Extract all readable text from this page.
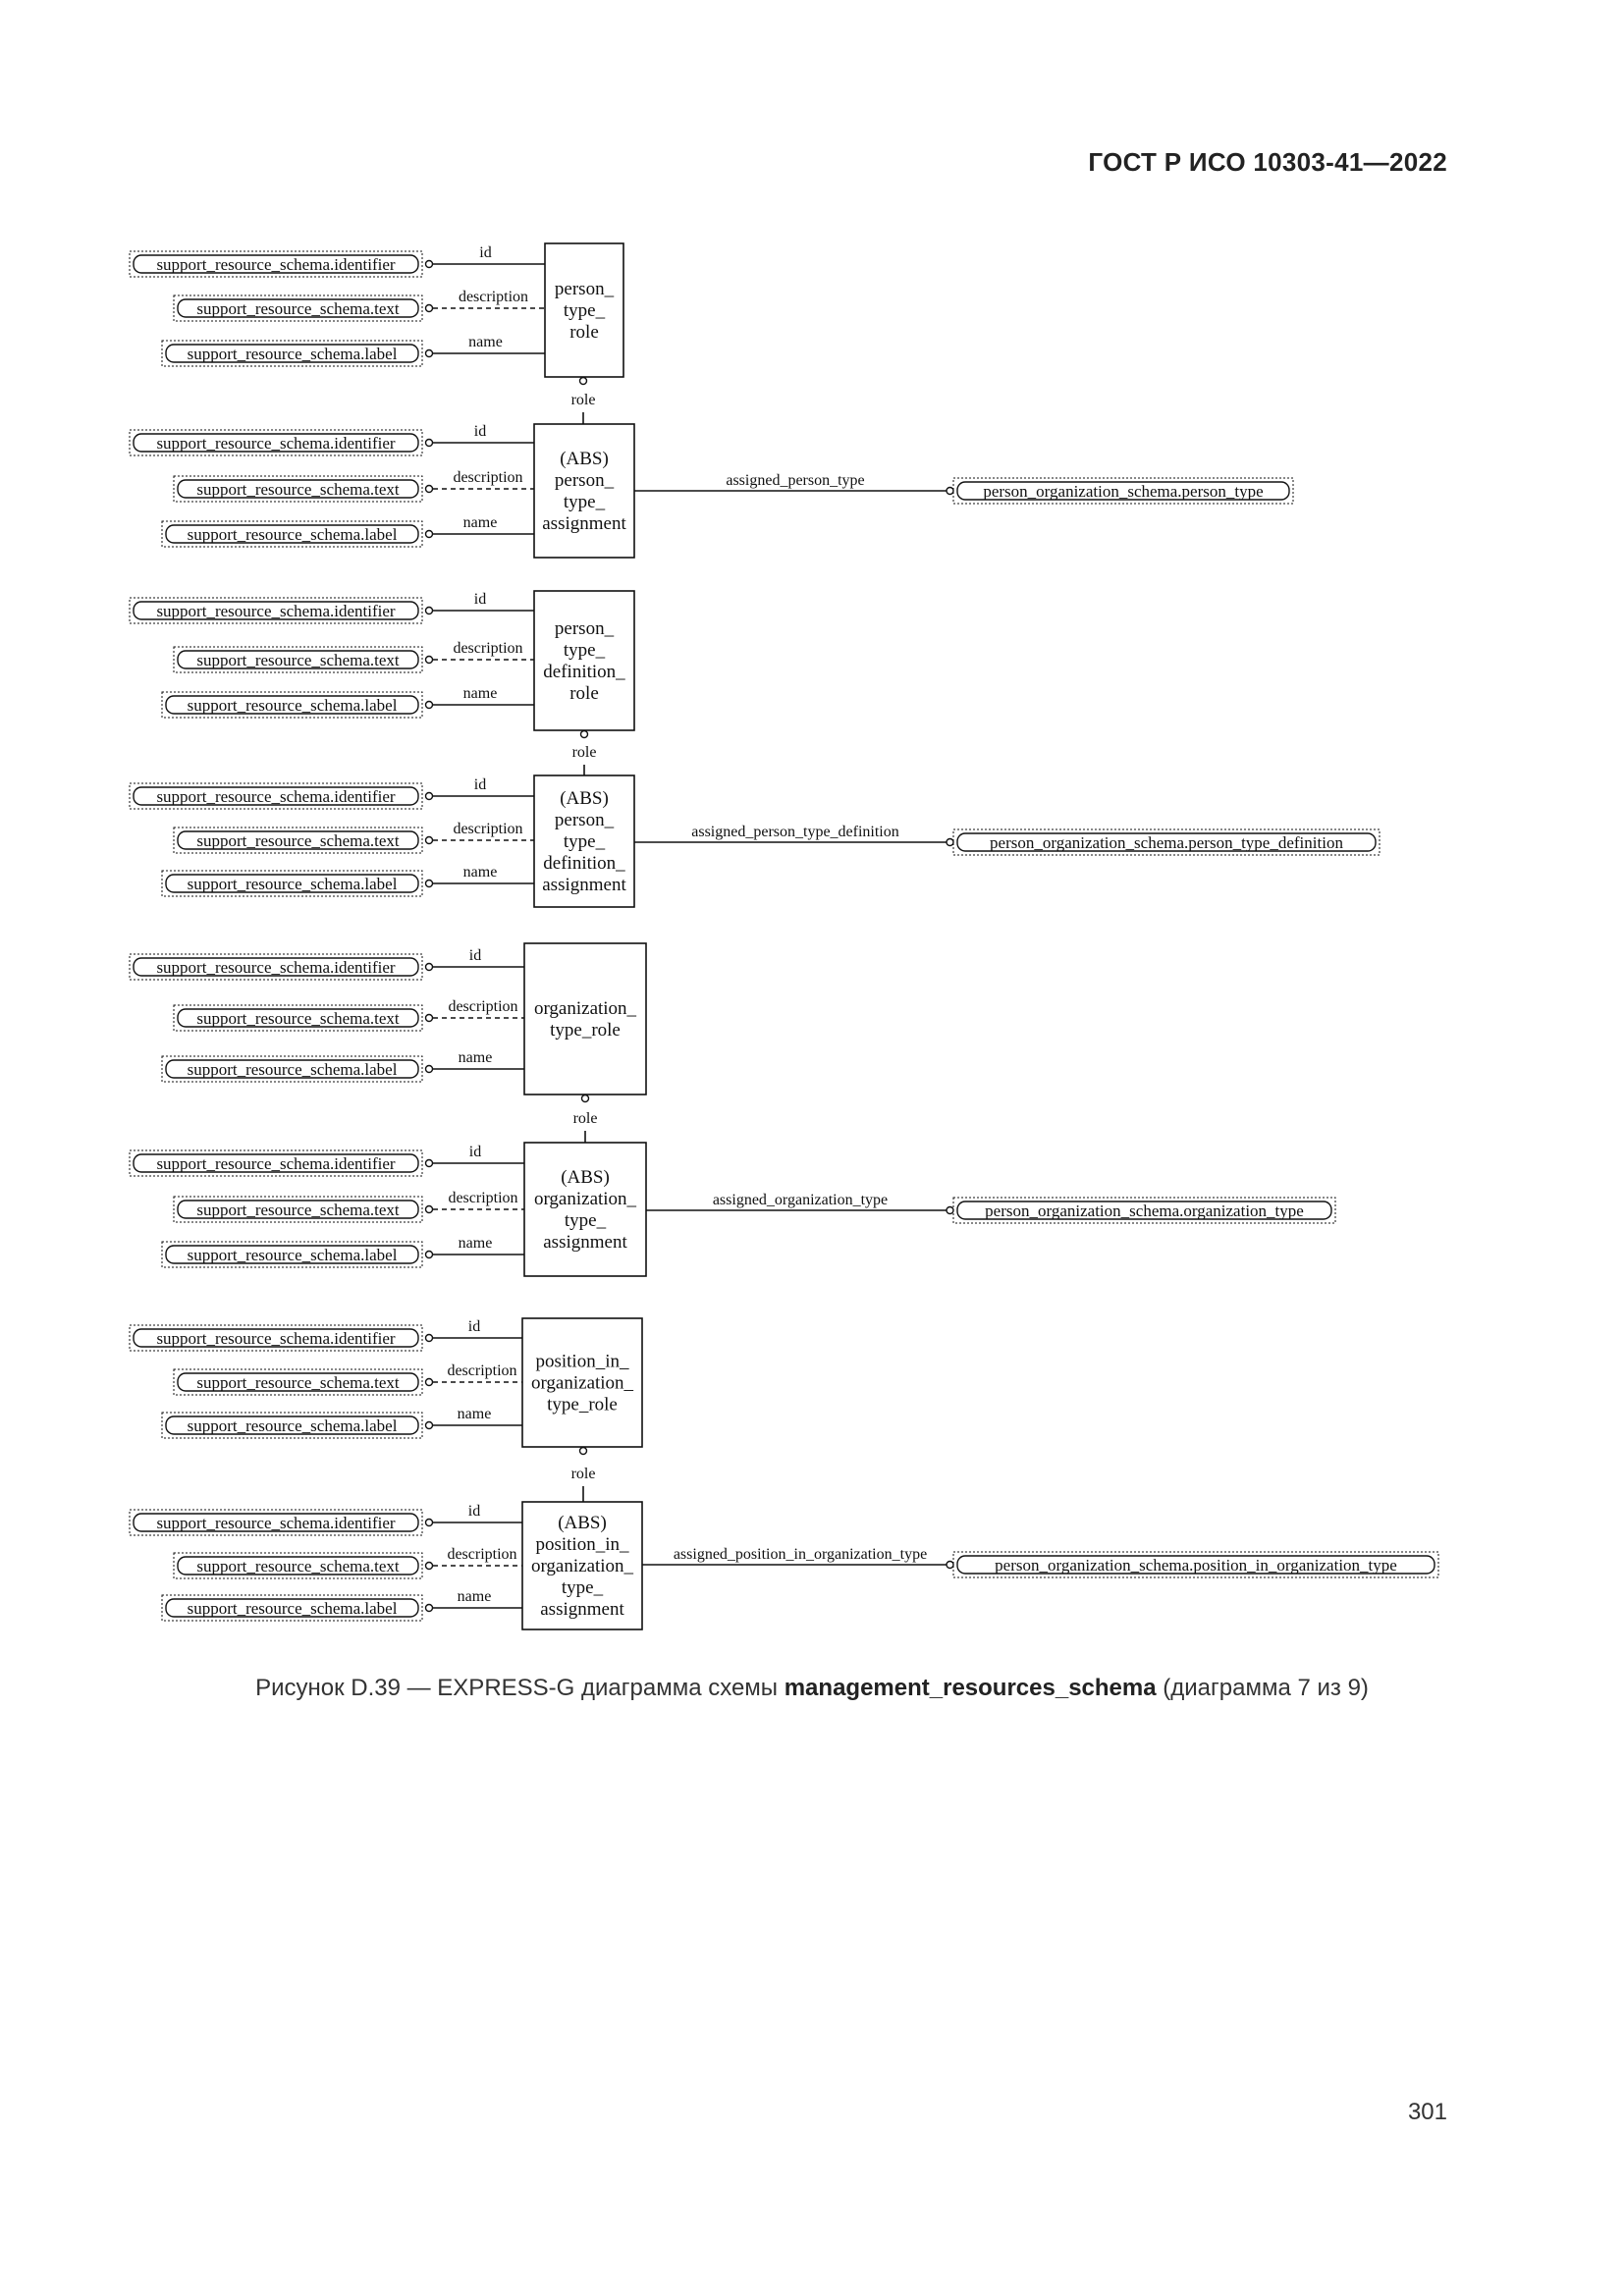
ГОСТ Р ИСО 10303-41—2022
person_
type_
role
support_resource_schema.identifier
id
support_resource_schema.text
description
support_resource_schema.label
name
role
(ABS)
person_
type_
assignment
support_resource_schema.identifier
id
support_resource_schema.text
description
support_resource_schema.label
name
assigned_person_type
person_organization_schema.person_type
person_
type_
definition_
role
support_resource_schema.identifier
id
support_resource_schema.text
description
support_resource_schema.label
name
role
(ABS)
person_
type_
definition_
assignment
support_resource_schema.identifier
id
support_resource_schema.text
description
support_resource_schema.label
name
assigned_person_type_definition
person_organization_schema.person_type_definition
organization_
type_role
support_resource_schema.identifier
id
support_resource_schema.text
description
support_resource_schema.label
name
role
(ABS)
organization_
type_
assignment
support_resource_schema.identifier
id
support_resource_schema.text
description
support_resource_schema.label
name
assigned_organization_type
person_organization_schema.organization_type
position_in_
organization_
type_role
support_resource_schema.identifier
id
support_resource_schema.text
description
support_resource_schema.label
name
role
(ABS)
position_in_
organization_
type_
assignment
support_resource_schema.identifier
id
support_resource_schema.text
description
support_resource_schema.label
name
assigned_position_in_organization_type
person_organization_schema.position_in_organization_type
Рисунок D.39 — EXPRESS-G диаграмма схемы management_resources_schema (диаграмма 7 из 9)
301
